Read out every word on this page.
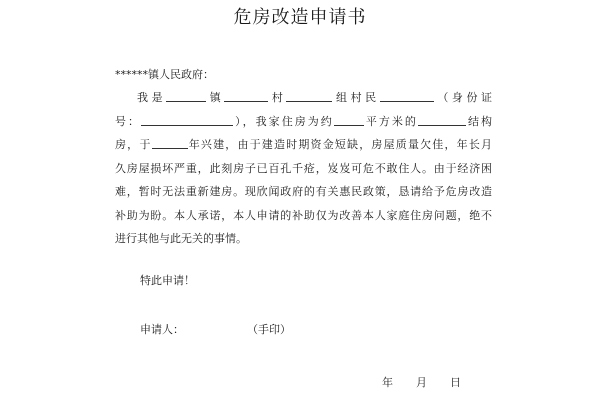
危房改造申请书
******镇人民政府：
我是	镇	村	组村民	（身份证
号：	），我家住房为约	平方米的	结构
房，于	年兴建，由于建造时期资金短缺，房屋质量欠佳，年长月
久房屋损坏严重，此刻房子已百孔千疮，岌岌可危不敢住人。由于经济困
难，暂时无法重新建房。现欣闻政府的有关惠民政策，恳请给予危房改造
补助为盼。本人承诺，本人申请的补助仅为改善本人家庭住房问题，绝不
进行其他与此无关的事情。
特此申请！
申请人：	（手印）
年 月 日
